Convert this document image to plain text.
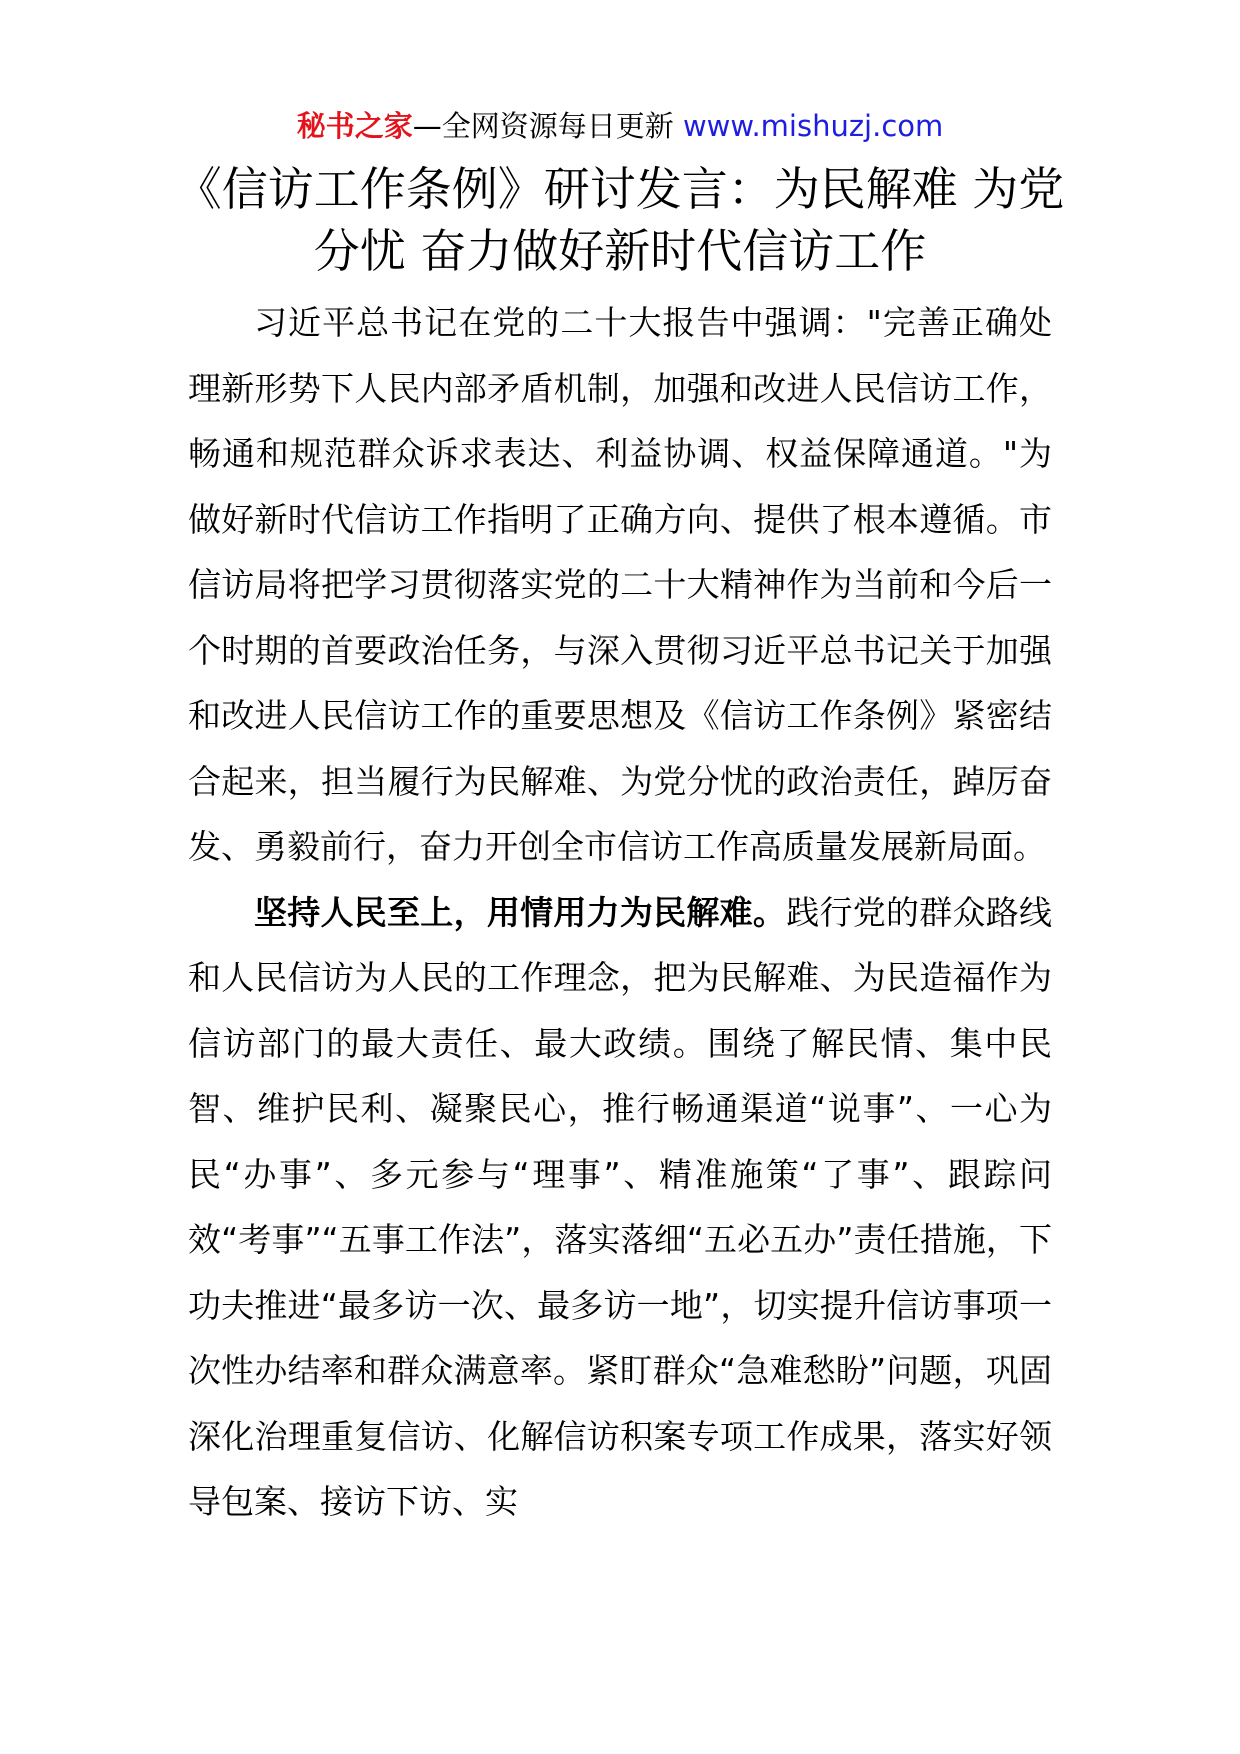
秘书之家—全网资源每日更新 www.mishuzj.com
《信访工作条例》研讨发言：为民解难 为党分忧 奋力做好新时代信访工作

习近平总书记在党的二十大报告中强调："完善正确处理新形势下人民内部矛盾机制，加强和改进人民信访工作，畅通和规范群众诉求表达、利益协调、权益保障通道。"为做好新时代信访工作指明了正确方向、提供了根本遵循。市信访局将把学习贯彻落实党的二十大精神作为当前和今后一个时期的首要政治任务，与深入贯彻习近平总书记关于加强和改进人民信访工作的重要思想及《信访工作条例》紧密结合起来，担当履行为民解难、为党分忧的政治责任，踔厉奋发、勇毅前行，奋力开创全市信访工作高质量发展新局面。

坚持人民至上，用情用力为民解难。践行党的群众路线和人民信访为人民的工作理念，把为民解难、为民造福作为信访部门的最大责任、最大政绩。围绕了解民情、集中民智、维护民利、凝聚民心，推行畅通渠道“说事”、一心为民“办事”、多元参与“理事”、精准施策“了事”、跟踪问效“考事”“五事工作法”，落实落细“五必五办”责任措施，下功夫推进“最多访一次、最多访一地”，切实提升信访事项一次性办结率和群众满意率。紧盯群众“急难愁盼”问题，巩固深化治理重复信访、化解信访积案专项工作成果，落实好领导包案、接访下访、实
